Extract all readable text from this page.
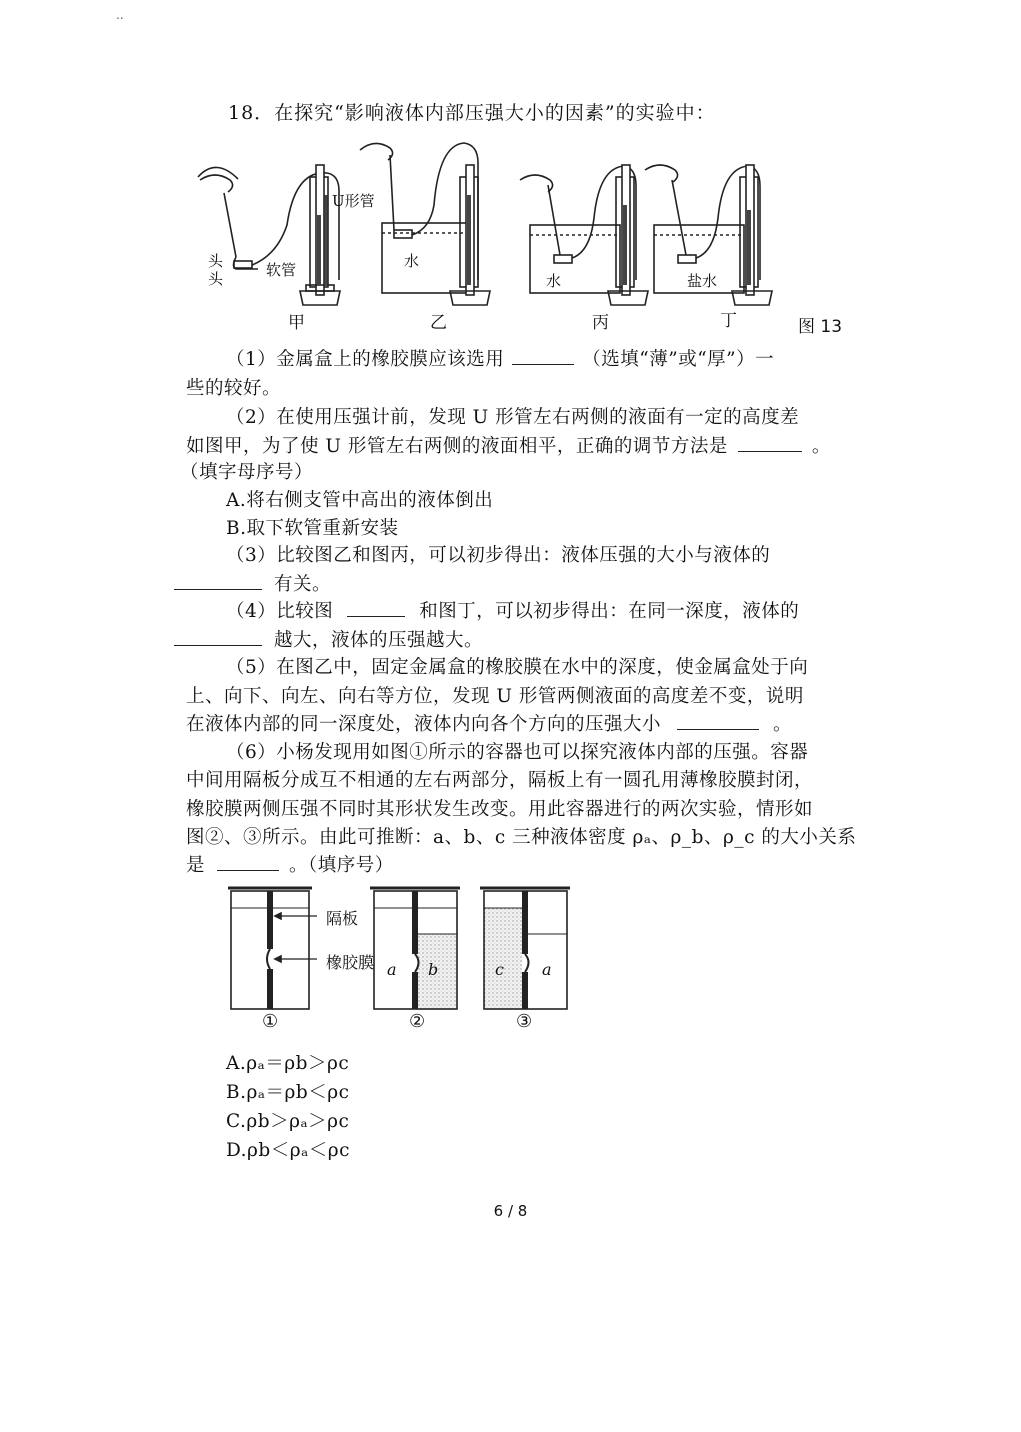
..
18．在探究“影响液体内部压强大小的因素”的实验中：
U形管
头
头	软管	水
水	盐水
甲	乙	丙	丁	图 13
（1）金属盒上的橡胶膜应该选用	（选填“薄”或“厚”）一
些的较好。
（2）在使用压强计前，发现 U 形管左右两侧的液面有一定的高度差
如图甲，为了使 U 形管左右两侧的液面相平，正确的调节方法是	。
（填字母序号）
A.将右侧支管中高出的液体倒出
B.取下软管重新安装
（3）比较图乙和图丙，可以初步得出：液体压强的大小与液体的
有关。
（4）比较图	和图丁，可以初步得出：在同一深度，液体的
越大，液体的压强越大。
（5）在图乙中，固定金属盒的橡胶膜在水中的深度，使金属盒处于向
上、向下、向左、向右等方位，发现 U 形管两侧液面的高度差不变，说明
在液体内部的同一深度处，液体内向各个方向的压强大小	。
（6）小杨发现用如图①所示的容器也可以探究液体内部的压强。容器
中间用隔板分成互不相通的左右两部分，隔板上有一圆孔用薄橡胶膜封闭，
橡胶膜两侧压强不同时其形状发生改变。用此容器进行的两次实验，情形如
图②、③所示。由此可推断：a、b、c 三种液体密度 ρₐ、ρ_b、ρ_c 的大小关系
是	。（填序号）
隔板
橡胶膜 a b	c a
①	②	③
A.ρₐ＝ρb＞ρc
B.ρₐ＝ρb＜ρc
C.ρb＞ρₐ＞ρc
D.ρb＜ρₐ＜ρc
6 / 8
